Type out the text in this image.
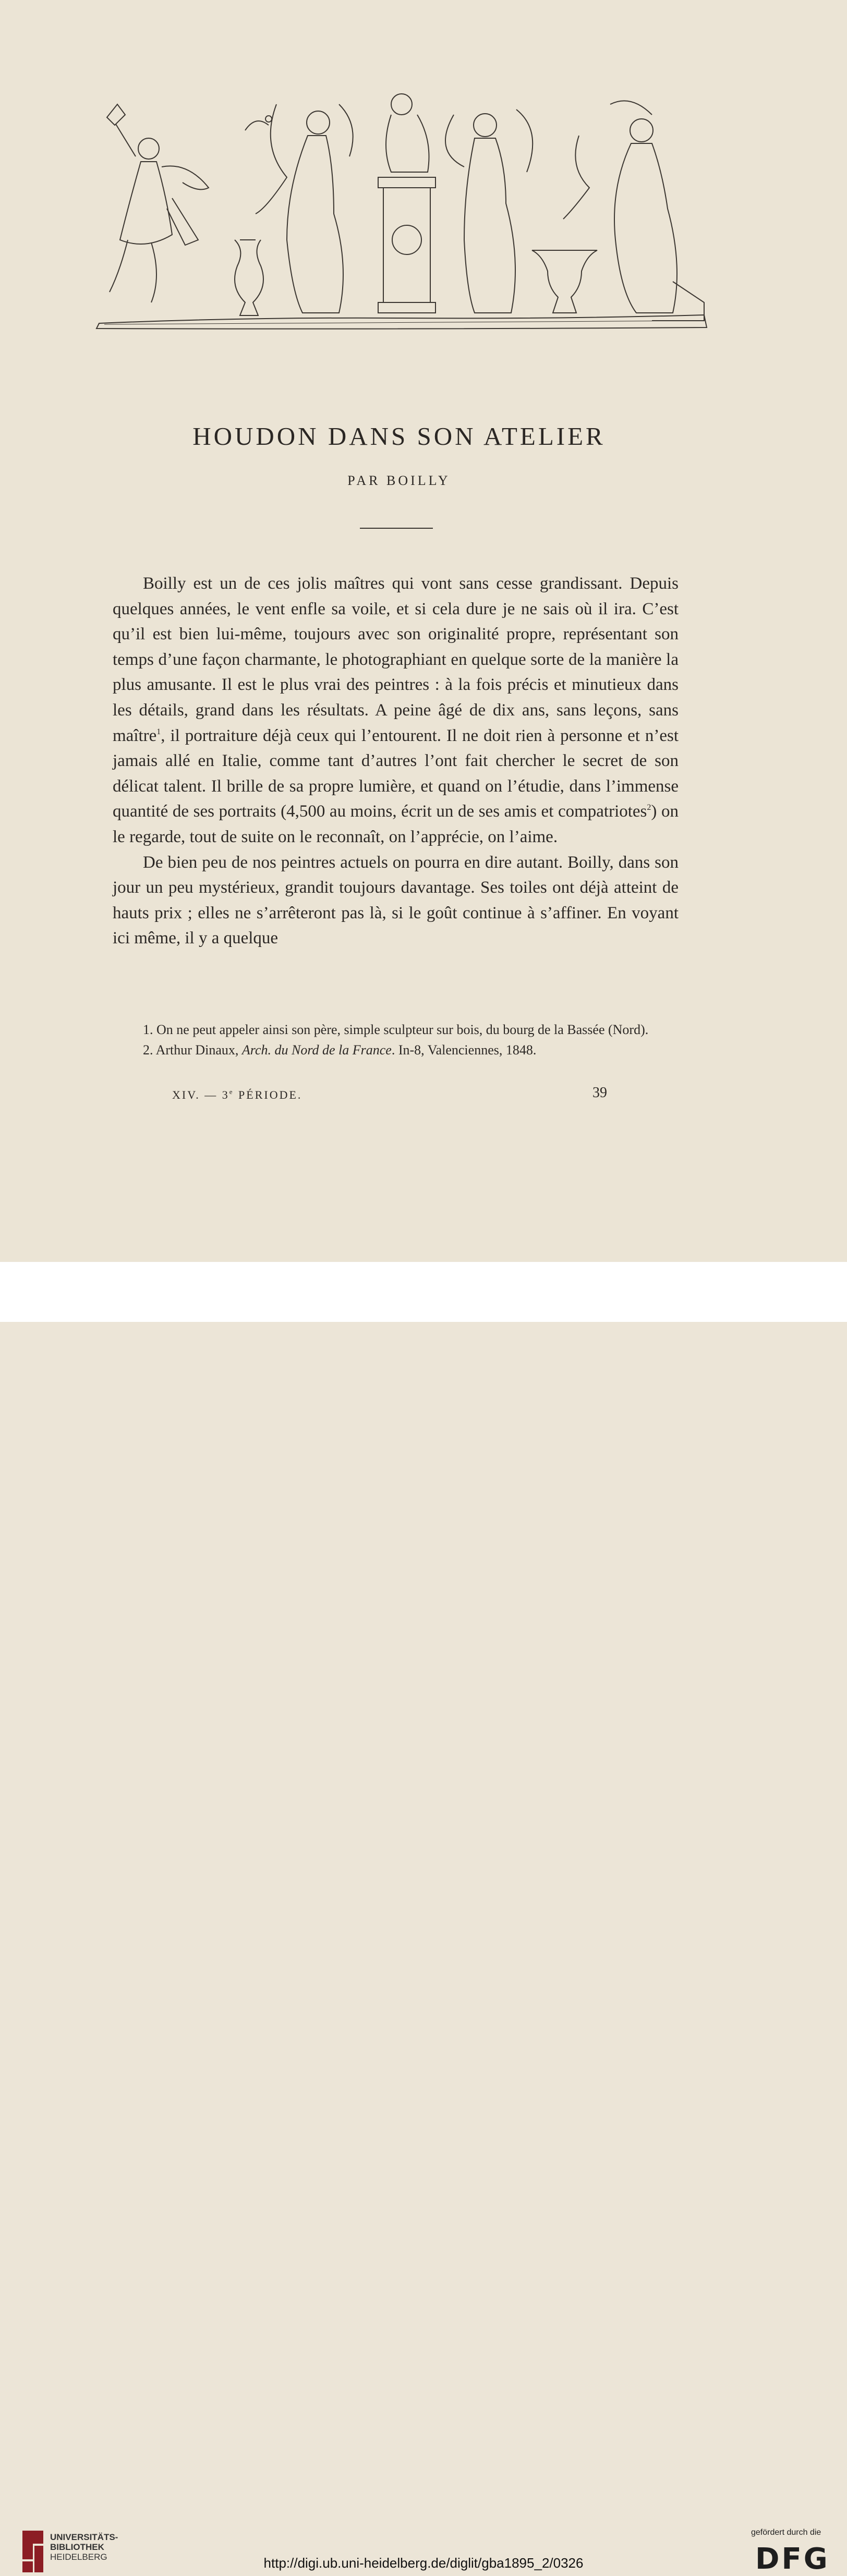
HOUDON DANS SON ATELIER
PAR BOILLY

Boilly est un de ces jolis maîtres qui vont sans cesse grandissant. Depuis quelques années, le vent enfle sa voile, et si cela dure je ne sais où il ira. C’est qu’il est bien lui-même, toujours avec son originalité propre, représentant son temps d’une façon charmante, le photographiant en quelque sorte de la manière la plus amusante. Il est le plus vrai des peintres : à la fois précis et minutieux dans les détails, grand dans les résultats. A peine âgé de dix ans, sans leçons, sans maître$^1$, il portraiture déjà ceux qui l’entourent. Il ne doit rien à personne et n’est jamais allé en Italie, comme tant d’autres l’ont fait chercher le secret de son délicat talent. Il brille de sa propre lumière, et quand on l’étudie, dans l’immense quantité de ses portraits (4,500 au moins, écrit un de ses amis et compatriotes$^2$) on le regarde, tout de suite on le reconnaît, on l’apprécie, on l’aime.

De bien peu de nos peintres actuels on pourra en dire autant. Boilly, dans son jour un peu mystérieux, grandit toujours davantage. Ses toiles ont déjà atteint de hauts prix ; elles ne s’arrêteront pas là, si le goût continue à s’affiner. En voyant ici même, il y a quelque

1. On ne peut appeler ainsi son père, simple sculpteur sur bois, du bourg de la Bassée (Nord).

2. Arthur Dinaux, Arch. du Nord de la France. In-8, Valenciennes, 1848.

XIV. — 3e PÉRIODE.	39
UNIVERSITÄTS-
BIBLIOTHEK
HEIDELBERG	http://digi.ub.uni-heidelberg.de/diglit/gba1895_2/0326
gefördert durch die
DFG
